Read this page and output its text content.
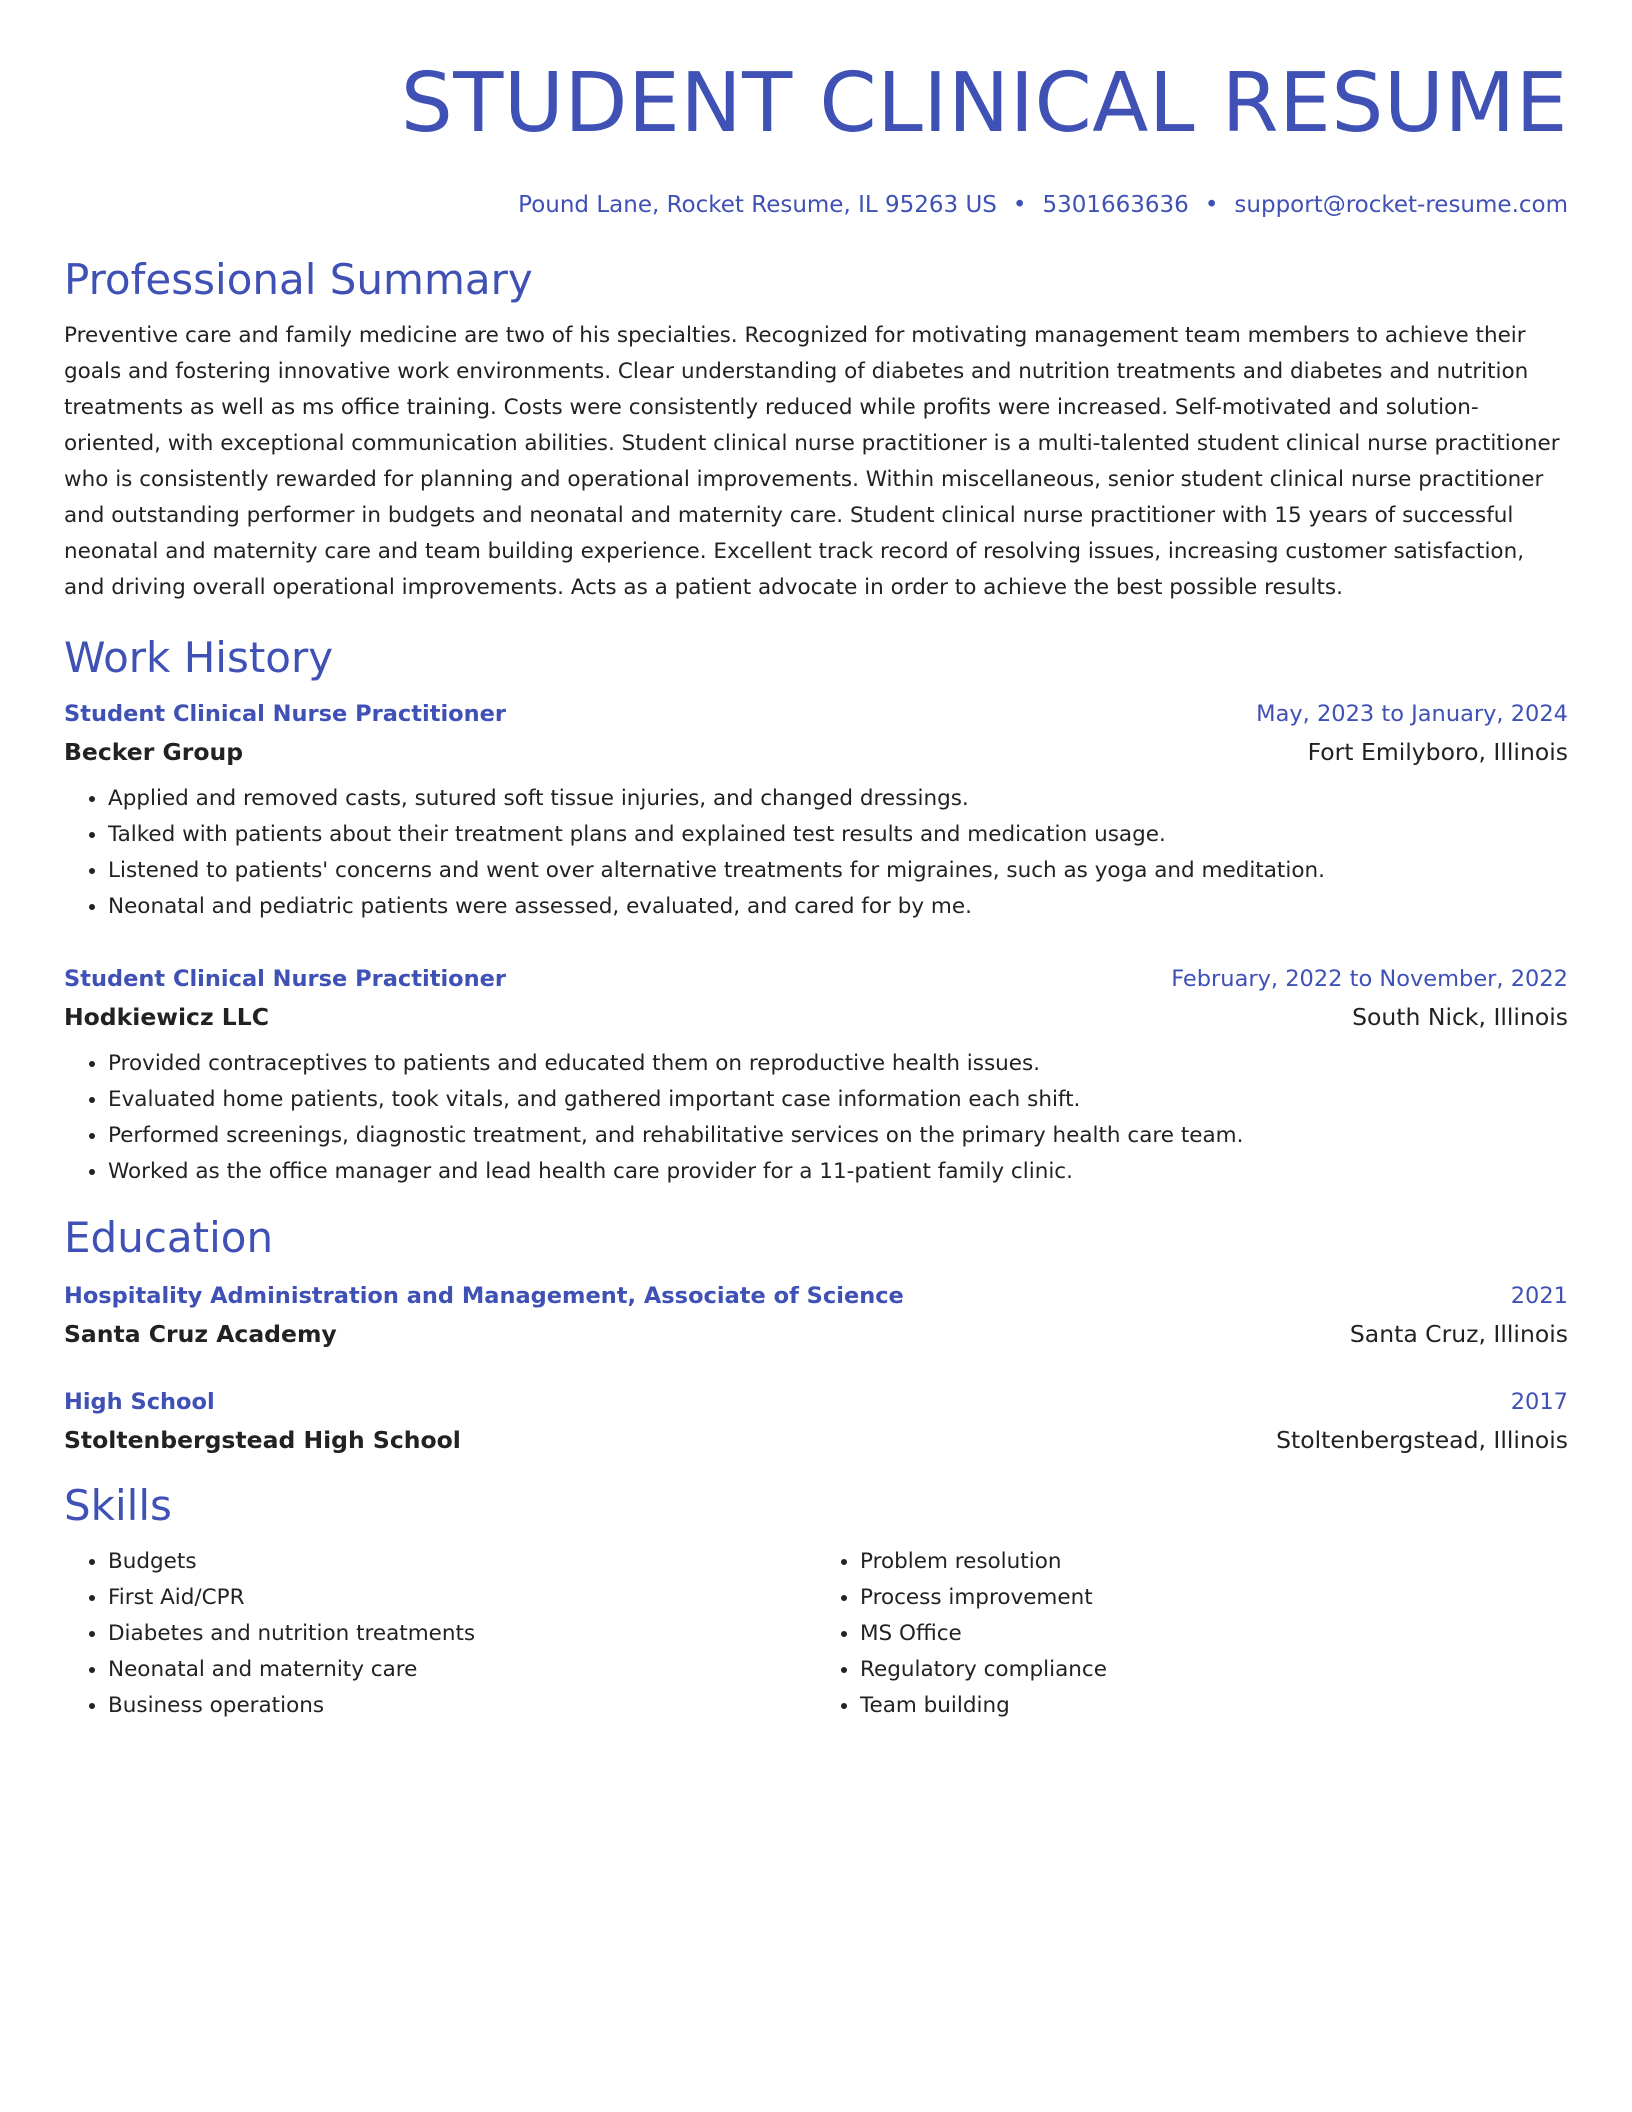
STUDENT CLINICAL RESUME
Pound Lane, Rocket Resume, IL 95263 US • 5301663636 • support@rocket-resume.com
Professional Summary
Preventive care and family medicine are two of his specialties. Recognized for motivating management team members to achieve their goals and fostering innovative work environments. Clear understanding of diabetes and nutrition treatments and diabetes and nutrition treatments as well as ms office training. Costs were consistently reduced while profits were increased. Self-motivated and solution-oriented, with exceptional communication abilities. Student clinical nurse practitioner is a multi-talented student clinical nurse practitioner who is consistently rewarded for planning and operational improvements. Within miscellaneous, senior student clinical nurse practitioner and outstanding performer in budgets and neonatal and maternity care. Student clinical nurse practitioner with 15 years of successful neonatal and maternity care and team building experience. Excellent track record of resolving issues, increasing customer satisfaction, and driving overall operational improvements. Acts as a patient advocate in order to achieve the best possible results.
Work History
Student Clinical Nurse Practitioner	May, 2023 to January, 2024
Becker Group	Fort Emilyboro, Illinois
• Applied and removed casts, sutured soft tissue injuries, and changed dressings.
• Talked with patients about their treatment plans and explained test results and medication usage.
• Listened to patients' concerns and went over alternative treatments for migraines, such as yoga and meditation.
• Neonatal and pediatric patients were assessed, evaluated, and cared for by me.
Student Clinical Nurse Practitioner	February, 2022 to November, 2022
Hodkiewicz LLC	South Nick, Illinois
• Provided contraceptives to patients and educated them on reproductive health issues.
• Evaluated home patients, took vitals, and gathered important case information each shift.
• Performed screenings, diagnostic treatment, and rehabilitative services on the primary health care team.
• Worked as the office manager and lead health care provider for a 11-patient family clinic.
Education
Hospitality Administration and Management, Associate of Science	2021
Santa Cruz Academy	Santa Cruz, Illinois
High School	2017
Stoltenbergstead High School	Stoltenbergstead, Illinois
Skills
• Budgets
• First Aid/CPR
• Diabetes and nutrition treatments
• Neonatal and maternity care
• Business operations
• Problem resolution
• Process improvement
• MS Office
• Regulatory compliance
• Team building
